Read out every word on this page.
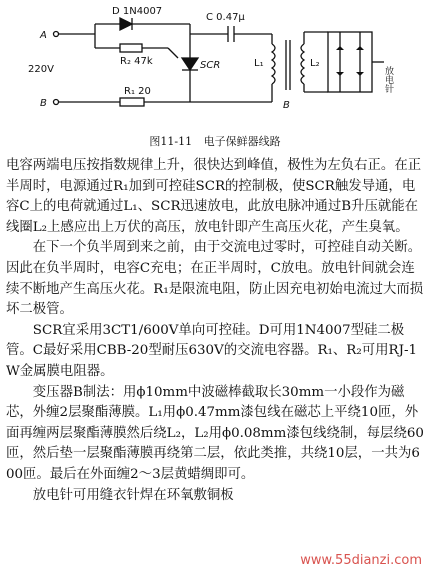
A
B
220V
D 1N4007
C 0.47μ
R₂ 47k	SCR	L₁
R₁ 20
B
L₂
放电针
图11-11 电子保鲜器线路

电容两端电压按指数规律上升，很快达到峰值，极性为左负右正。在正半周时，电源通过R₁加到可控硅SCR的控制极，使SCR触发导通，电容C上的电荷就通过L₁、SCR迅速放电，此放电脉冲通过B升压就能在线圈L₂上感应出上万伏的高压，放电针即产生高压火花，产生臭氧。

在下一个负半周到来之前，由于交流电过零时，可控硅自动关断。因此在负半周时，电容C充电；在正半周时，C放电。放电针间就会连续不断地产生高压火花。R₁是限流电阻，防止因充电初始电流过大而损坏二极管。

SCR宜采用3CT1/600V单向可控硅。D可用1N4007型硅二极管。C最好采用CBB-20型耐压630V的交流电容器。R₁、R₂可用RJ-1W金属膜电阻器。

变压器B制法：用ϕ10mm中波磁棒截取长30mm一小段作为磁芯，外缠2层聚酯薄膜。L₁用ϕ0.47mm漆包线在磁芯上平绕10匝，外面再缠两层聚酯薄膜然后绕L₂，L₂用ϕ0.08mm漆包线绕制，每层绕60匝，然后垫一层聚酯薄膜再绕第二层，依此类推，共绕10层，一共为600匝。最后在外面缠2～3层黄蜡绸即可。

放电针可用缝衣针焊在环氧敷铜板

www.55dianzi.com
